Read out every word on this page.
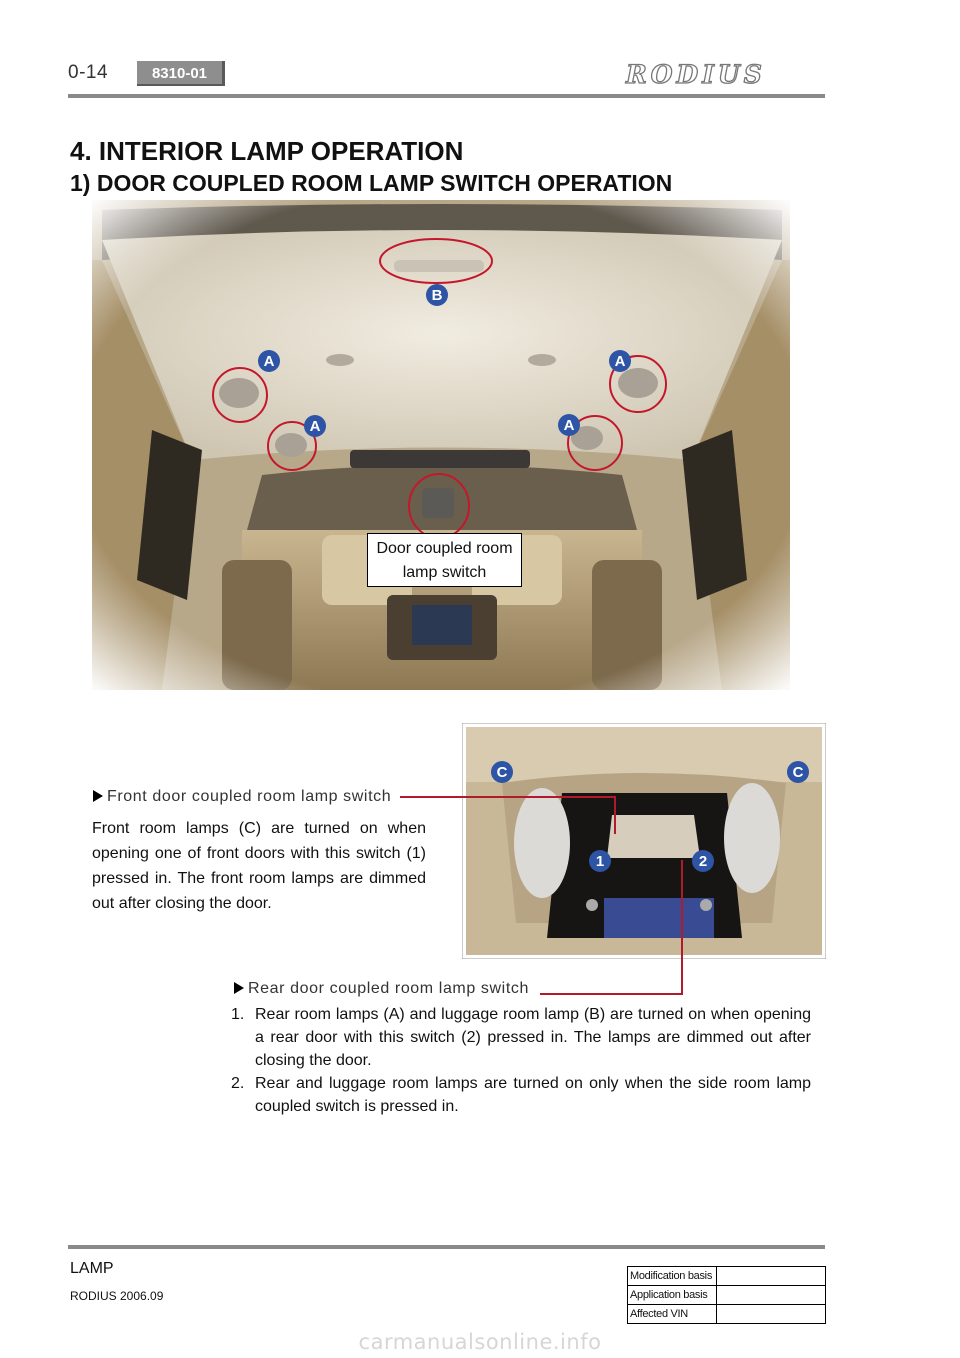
0-14	8310-01	RODIUS
4. INTERIOR LAMP OPERATION
1) DOOR COUPLED ROOM LAMP SWITCH OPERATION
B
A	A
A	A
Door coupled room
lamp switch
C	C
1	2
Front door coupled room lamp switch
Front room lamps (C) are turned on when opening one of front doors with this switch (1) pressed in. The front room lamps are dimmed out after closing the door.
Rear door coupled room lamp switch
1. Rear room lamps (A) and luggage room lamp (B) are turned on when opening a rear door with this switch (2) pressed in. The lamps are dimmed out after closing the door.
2. Rear and luggage room lamps are turned on only when the side room lamp coupled switch is pressed in.
LAMP
RODIUS 2006.09
Modification basis	
Application basis	
Affected VIN	
carmanualsonline.info
